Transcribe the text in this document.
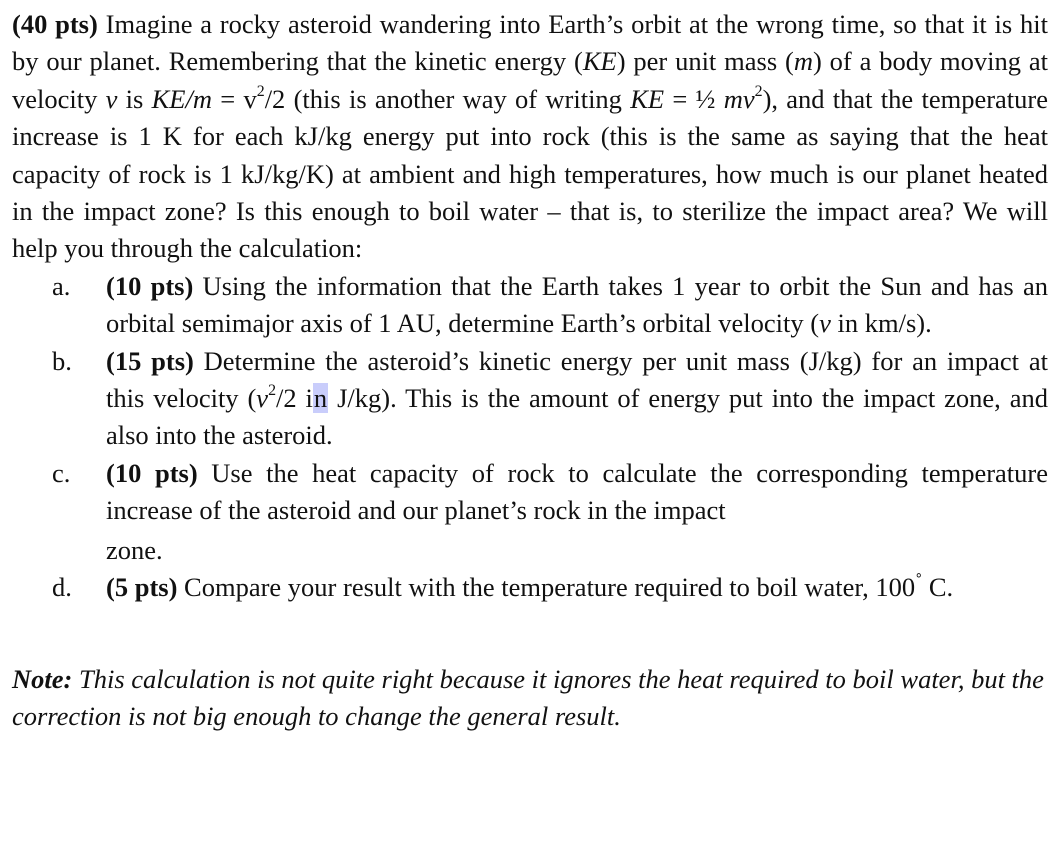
(40 pts) Imagine a rocky asteroid wandering into Earth’s orbit at the wrong time, so that it is hit by our planet. Remembering that the kinetic energy (KE) per unit mass (m) of a body moving at velocity v is $KE/m = v^2/2$ (this is another way of writing KE = ½ $mv^2$), and that the temperature increase is 1 K for each kJ/kg energy put into rock (this is the same as saying that the heat capacity of rock is 1 kJ/kg/K) at ambient and high temperatures, how much is our planet heated in the impact zone? Is this enough to boil water – that is, to sterilize the impact area? We will help you through the calculation:

a. (10 pts) Using the information that the Earth takes 1 year to orbit the Sun and has an orbital semimajor axis of 1 AU, determine Earth’s orbital velocity (v in km/s).
b. (15 pts) Determine the asteroid’s kinetic energy per unit mass (J/kg) for an impact at this velocity ($v^2/2$ in J/kg). This is the amount of energy put into the impact zone, and also into the asteroid.
c. (10 pts) Use the heat capacity of rock to calculate the corresponding temperature increase of the asteroid and our planet’s rock in the impact
zone.
d. (5 pts) Compare your result with the temperature required to boil water, 100˚ C.

Note: This calculation is not quite right because it ignores the heat required to boil water, but the correction is not big enough to change the general result.
